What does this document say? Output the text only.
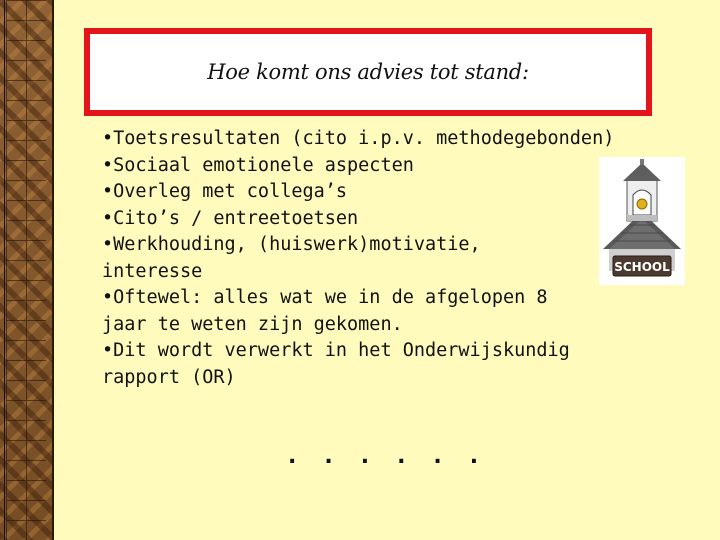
Hoe komt ons advies tot stand:

•Toetsresultaten (cito i.p.v. methodegebonden)

•Sociaal emotionele aspecten

•Overleg met collega’s

•Cito’s / entreetoetsen

•Werkhouding, (huiswerk)motivatie,
interesse

•Oftewel: alles wat we in de afgelopen 8
jaar te weten zijn gekomen.

•Dit wordt verwerkt in het Onderwijskundig
rapport (OR)

SCHOOL
......
